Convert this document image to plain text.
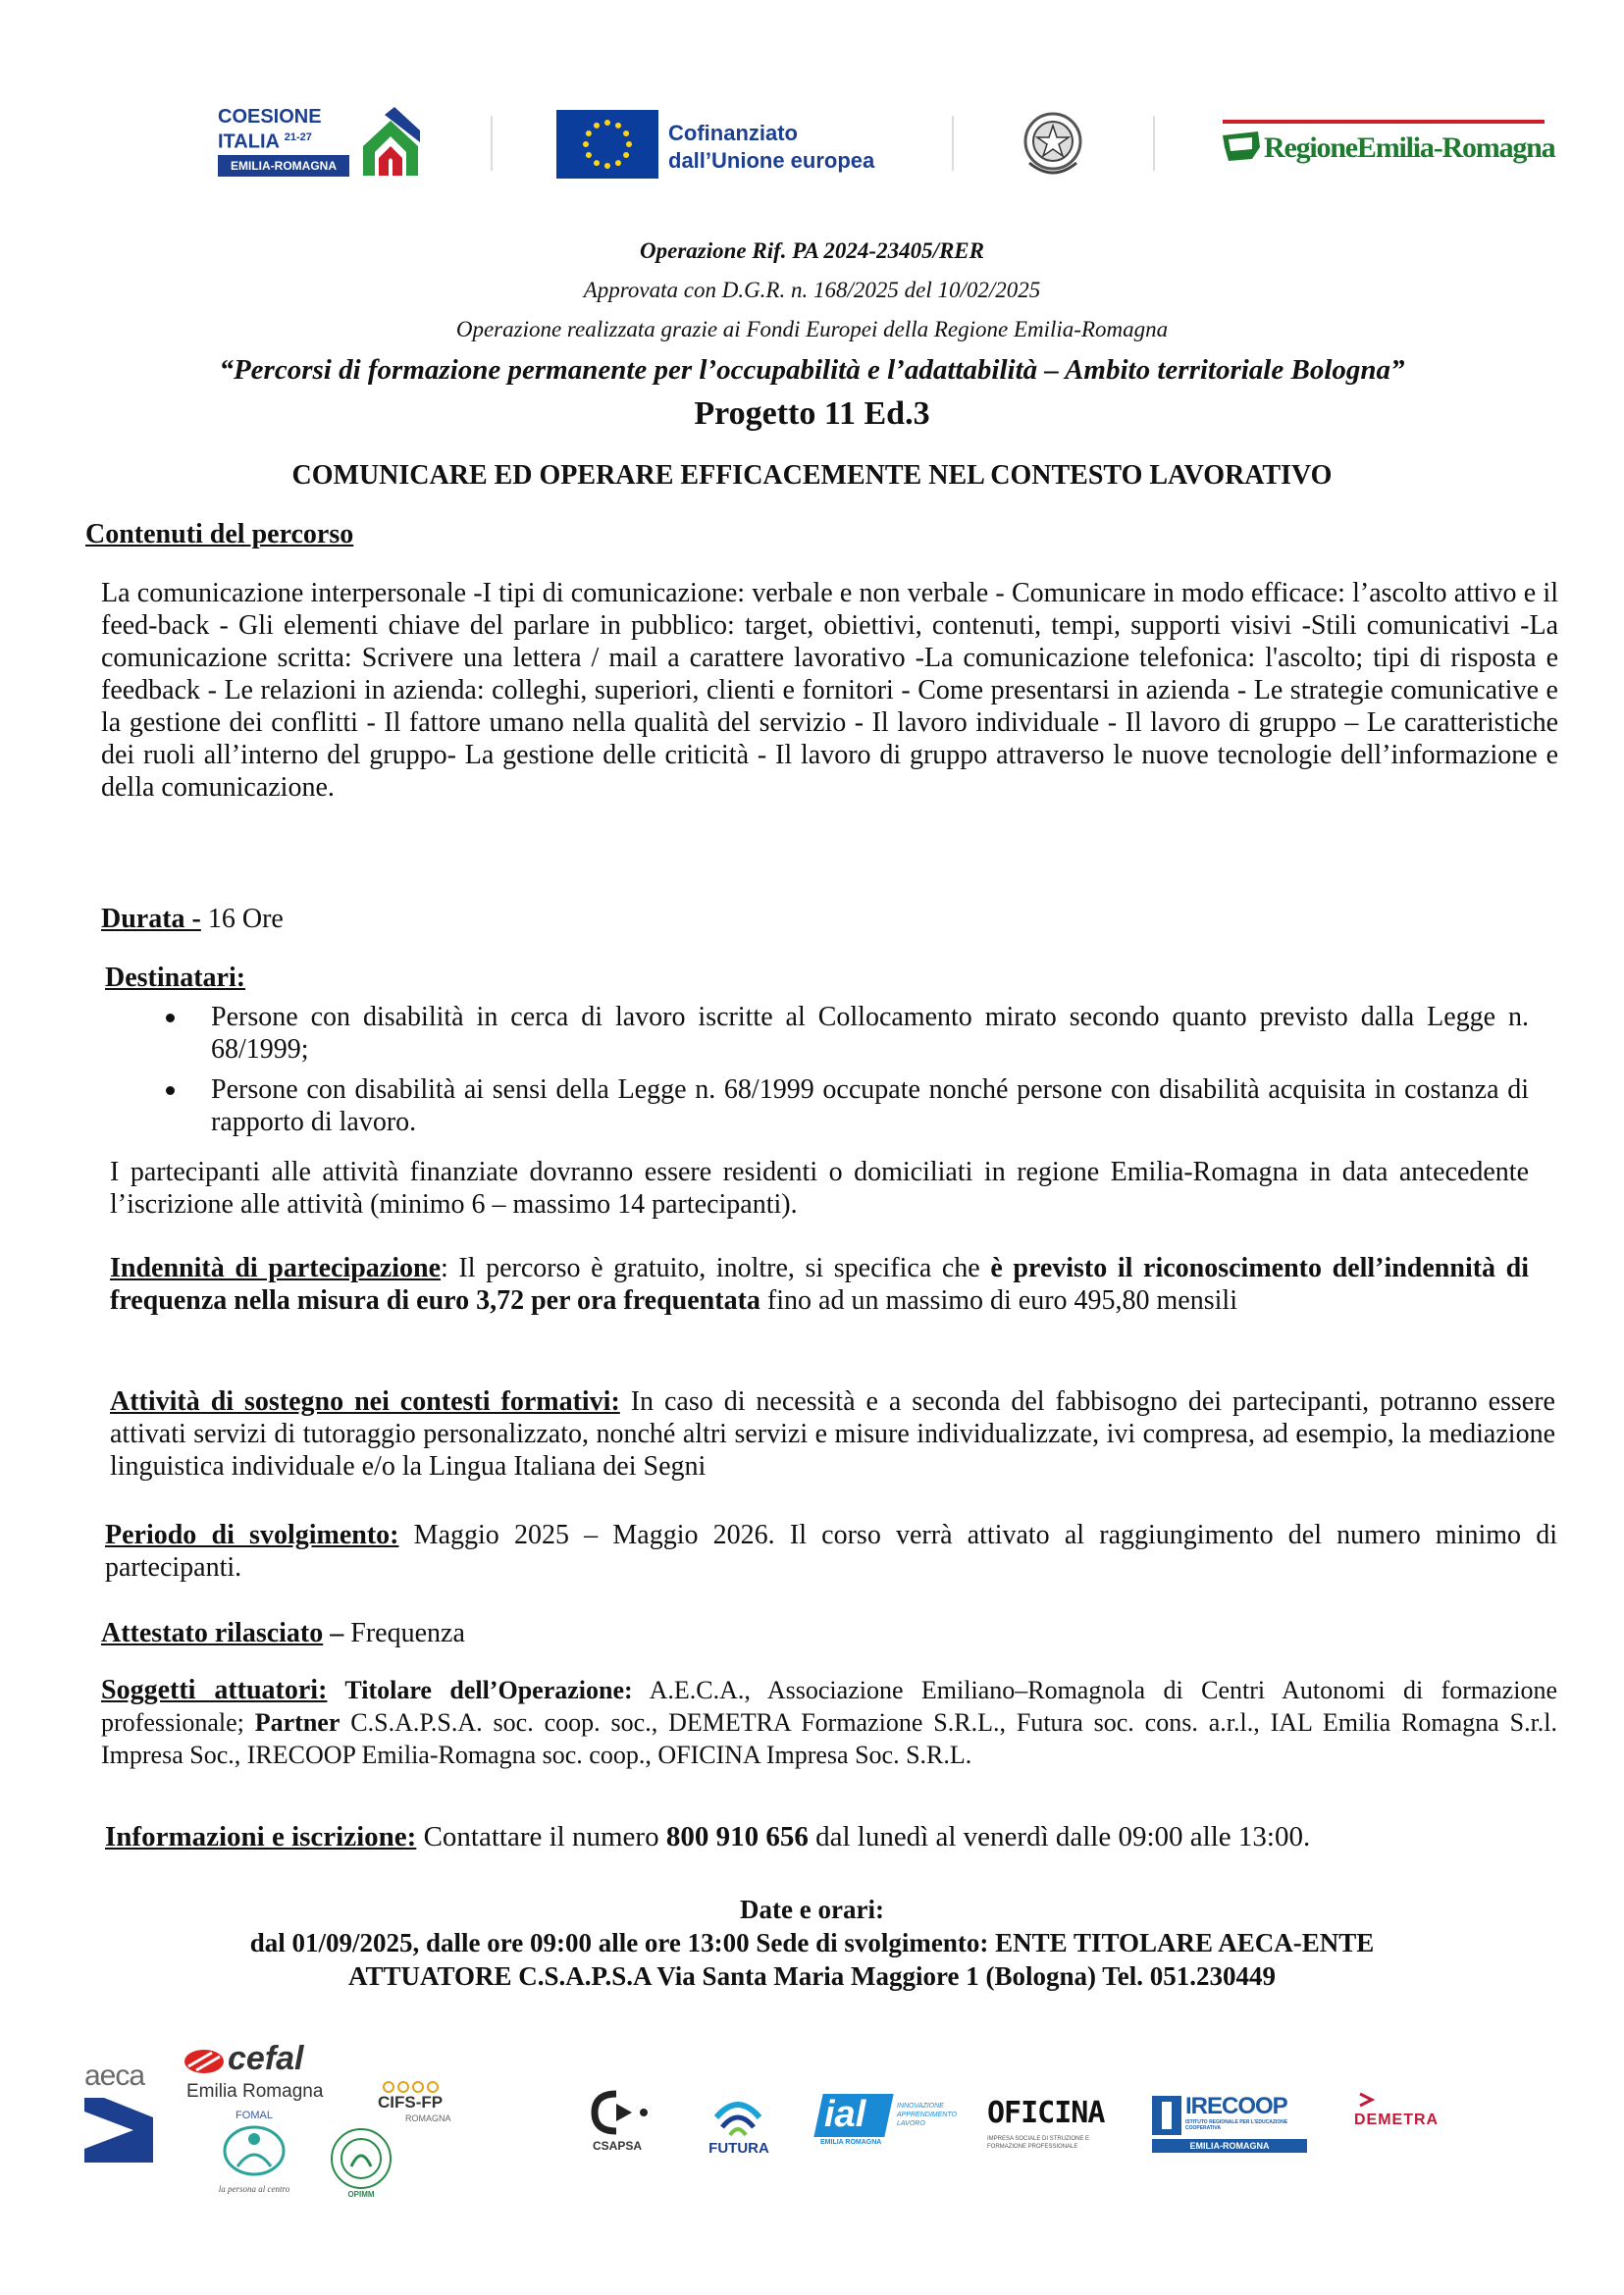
COESIONE
ITALIA $^{21-27}$
EMILIA-ROMAGNA
Cofinanziato
dall’Unione europea	RegioneEmilia-Romagna
Operazione Rif. PA 2024-23405/RER
Approvata con D.G.R. n. 168/2025 del 10/02/2025
Operazione realizzata grazie ai Fondi Europei della Regione Emilia-Romagna
“Percorsi di formazione permanente per l’occupabilità e l’adattabilità – Ambito territoriale Bologna”
Progetto 11 Ed.3
COMUNICARE ED OPERARE EFFICACEMENTE NEL CONTESTO LAVORATIVO
Contenuti del percorso
La comunicazione interpersonale -I tipi di comunicazione: verbale e non verbale - Comunicare in modo efficace: l’ascolto attivo e il feed-back - Gli elementi chiave del parlare in pubblico: target, obiettivi, contenuti, tempi, supporti visivi -Stili comunicativi -La comunicazione scritta: Scrivere una lettera / mail a carattere lavorativo -La comunicazione telefonica: l'ascolto; tipi di risposta e feedback - Le relazioni in azienda: colleghi, superiori, clienti e fornitori - Come presentarsi in azienda - Le strategie comunicative e la gestione dei conflitti - Il fattore umano nella qualità del servizio - Il lavoro individuale - Il lavoro di gruppo – Le caratteristiche dei ruoli all’interno del gruppo- La gestione delle criticità - Il lavoro di gruppo attraverso le nuove tecnologie dell’informazione e della comunicazione.
Durata - 16 Ore
Destinatari:
Persone con disabilità in cerca di lavoro iscritte al Collocamento mirato secondo quanto previsto dalla Legge n. 68/1999;
Persone con disabilità ai sensi della Legge n. 68/1999 occupate nonché persone con disabilità acquisita in costanza di rapporto di lavoro.
I partecipanti alle attività finanziate dovranno essere residenti o domiciliati in regione Emilia-Romagna in data antecedente l’iscrizione alle attività (minimo 6 – massimo 14 partecipanti).
Indennità di partecipazione: Il percorso è gratuito, inoltre, si specifica che è previsto il riconoscimento dell’indennità di frequenza nella misura di euro 3,72 per ora frequentata fino ad un massimo di euro 495,80 mensili
Attività di sostegno nei contesti formativi: In caso di necessità e a seconda del fabbisogno dei partecipanti, potranno essere attivati servizi di tutoraggio personalizzato, nonché altri servizi e misure individualizzate, ivi compresa, ad esempio, la mediazione linguistica individuale e/o la Lingua Italiana dei Segni
Periodo di svolgimento: Maggio 2025 – Maggio 2026. Il corso verrà attivato al raggiungimento del numero minimo di partecipanti.
Attestato rilasciato – Frequenza
Soggetti attuatori: Titolare dell’Operazione: A.E.C.A., Associazione Emiliano–Romagnola di Centri Autonomi di formazione professionale; Partner C.S.A.P.S.A. soc. coop. soc., DEMETRA Formazione S.R.L., Futura soc. cons. a.r.l., IAL Emilia Romagna S.r.l. Impresa Soc., IRECOOP Emilia-Romagna soc. coop., OFICINA Impresa Soc. S.R.L.
Informazioni e iscrizione: Contattare il numero 800 910 656 dal lunedì al venerdì dalle 09:00 alle 13:00.
Date e orari:
dal 01/09/2025, dalle ore 09:00 alle ore 13:00 Sede di svolgimento: ENTE TITOLARE AECA-ENTE
ATTUATORE C.S.A.P.S.A Via Santa Maria Maggiore 1 (Bologna) Tel. 051.230449
aeca	cefal
Emilia Romagna
FOMAL
la persona al centro
CIFS-FP
ROMAGNA
OPIMM
CSAPSA	FUTURA
ial
EMILIA ROMAGNA
INNOVAZIONE APPRENDIMENTO LAVORO	OFICINA
IMPRESA SOCIALE DI STRUZIONE E FORMAZIONE PROFESSIONALE
IRECOOP
ISTITUTO REGIONALE PER L'EDUCAZIONE COOPERATIVA
EMILIA-ROMAGNA
DEMETRA
